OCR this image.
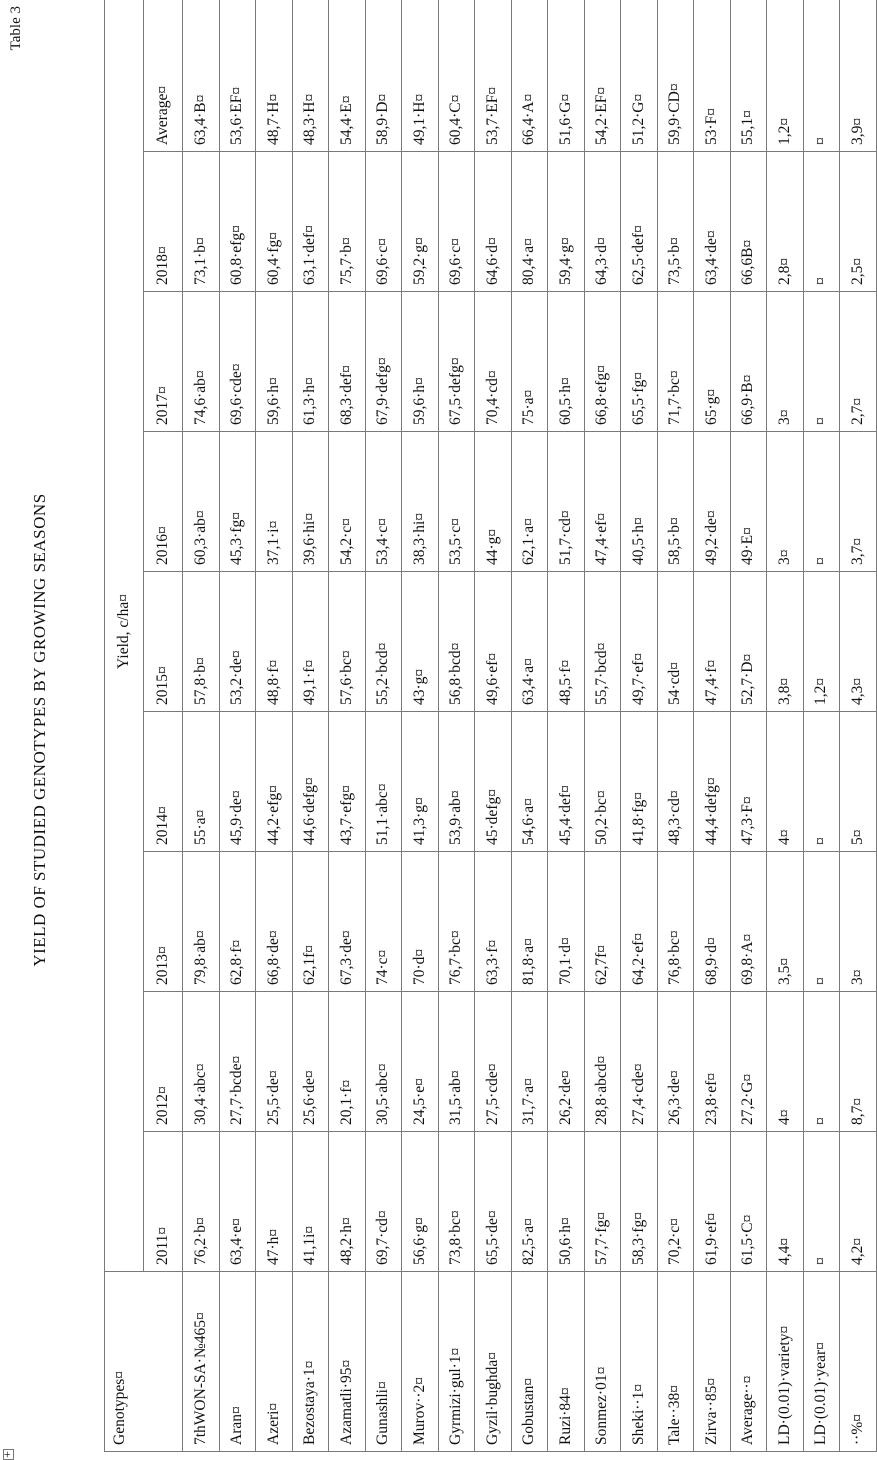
+

Table 3

YIELD OF STUDIED GENOTYPES BY GROWING SEASONS
Genotypes¤	Yield, c/ha¤								
	2011¤	2012¤	2013¤	2014¤	2015¤	2016¤	2017¤	2018¤	Average¤
7thWON-SA·№465¤	76,2·b¤	30,4·abc¤	79,8·ab¤	55·a¤	57,8·b¤	60,3·ab¤	74,6·ab¤	73,1·b¤	63,4·B¤
Aran¤	63,4·e¤	27,7·bcde¤	62,8·f¤	45,9·de¤	53,2·de¤	45,3·fg¤	69,6·cde¤	60,8·efg¤	53,6·EF¤
Azeri¤	47·h¤	25,5·de¤	66,8·de¤	44,2·efg¤	48,8·f¤	37,1·i¤	59,6·h¤	60,4·fg¤	48,7·H¤
Bezostaya·1¤	41,1i¤	25,6·de¤	62,1f¤	44,6·defg¤	49,1·f¤	39,6·hi¤	61,3·h¤	63,1·def¤	48,3·H¤
Azamatli·95¤	48,2·h¤	20,1·f¤	67,3·de¤	43,7·efg¤	57,6·bc¤	54,2·c¤	68,3·def¤	75,7·b¤	54,4·E¤
Gunashli¤	69,7·cd¤	30,5·abc¤	74·c¤	51,1·abc¤	55,2·bcd¤	53,4·c¤	67,9·defg¤	69,6·c¤	58,9·D¤
Murov··2¤	56,6·g¤	24,5·e¤	70·d¤	41,3·g¤	43·g¤	38,3·hi¤	59,6·h¤	59,2·g¤	49,1·H¤
Gyrmizi·gul·1¤	73,8·bc¤	31,5·ab¤	76,7·bc¤	53,9·ab¤	56,8·bcd¤	53,5·c¤	67,5·defg¤	69,6·c¤	60,4·C¤
Gyzil·bughda¤	65,5·de¤	27,5·cde¤	63,3·f¤	45·defg¤	49,6·ef¤	44·g¤	70,4·cd¤	64,6·d¤	53,7·EF¤
Gobustan¤	82,5·a¤	31,7·a¤	81,8·a¤	54,6·a¤	63,4·a¤	62,1·a¤	75·a¤	80,4·a¤	66,4·A¤
Ruzi·84¤	50,6·h¤	26,2·de¤	70,1·d¤	45,4·def¤	48,5·f¤	51,7·cd¤	60,5·h¤	59,4·g¤	51,6·G¤
Sonmez·01¤	57,7·fg¤	28,8·abcd¤	62,7f¤	50,2·bc¤	55,7·bcd¤	47,4·ef¤	66,8·efg¤	64,3·d¤	54,2·EF¤
Sheki··1¤	58,3·fg¤	27,4·cde¤	64,2·ef¤	41,8·fg¤	49,7·ef¤	40,5·h¤	65,5·fg¤	62,5·def¤	51,2·G¤
Tale··38¤	70,2·c¤	26,3·de¤	76,8·bc¤	48,3·cd¤	54·cd¤	58,5·b¤	71,7·bc¤	73,5·b¤	59,9·CD¤
Zirva··85¤	61,9·ef¤	23,8·ef¤	68,9·d¤	44,4·defg¤	47,4·f¤	49,2·de¤	65·g¤	63,4·de¤	53·F¤
Average··¤	61,5·C¤	27,2·G¤	69,8·A¤	47,3·F¤	52,7·D¤	49·E¤	66,9·B¤	66,6B¤	55,1¤
LD·(0.01)·variety¤	4,4¤	4¤	3,5¤	4¤	3,8¤	3¤	3¤	2,8¤	1,2¤
LD·(0.01)·year¤	¤	¤	¤	¤	1,2¤	¤	¤	¤	¤
··%¤	4,2¤	8,7¤	3¤	5¤	4,3¤	3,7¤	2,7¤	2,5¤	3,9¤
